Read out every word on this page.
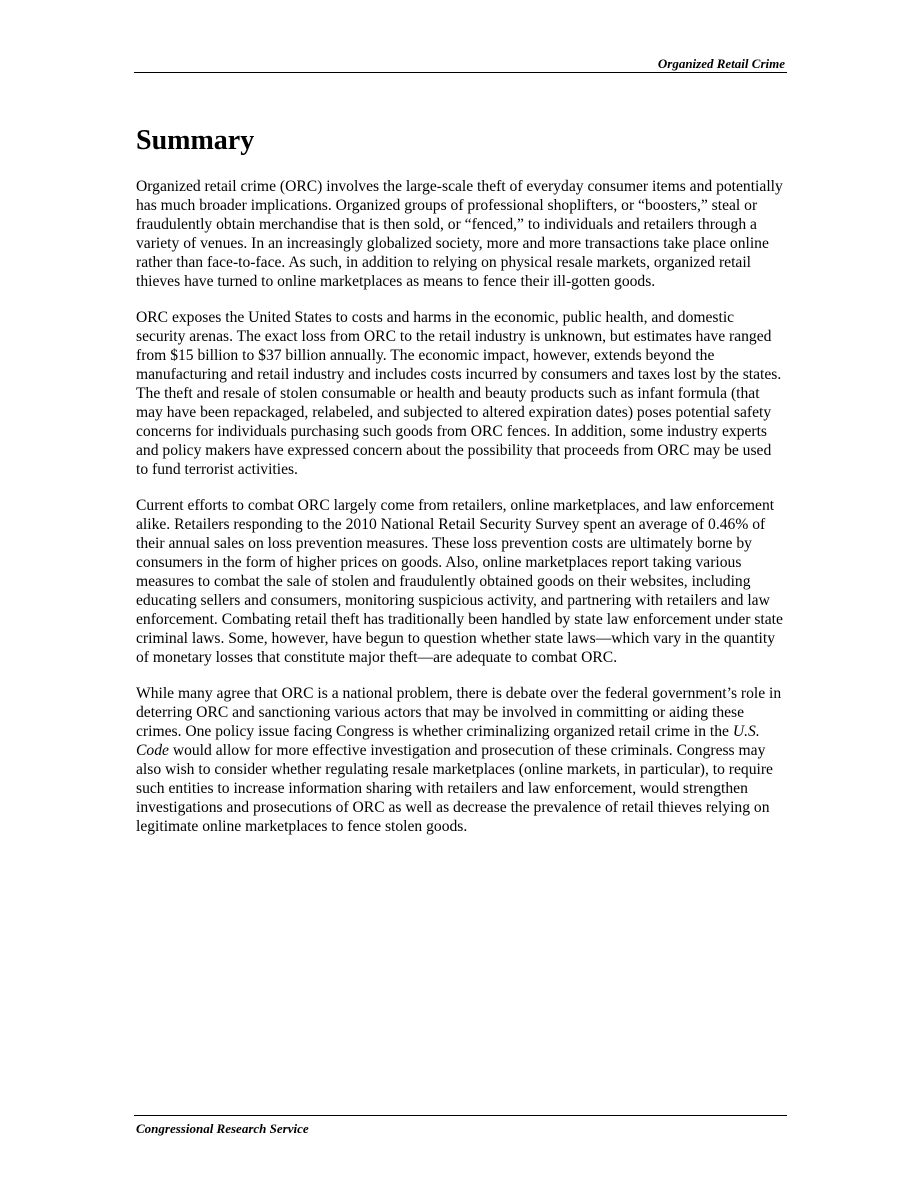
Organized Retail Crime
Summary

Organized retail crime (ORC) involves the large-scale theft of everyday consumer items and potentially has much broader implications. Organized groups of professional shoplifters, or “boosters,” steal or fraudulently obtain merchandise that is then sold, or “fenced,” to individuals and retailers through a variety of venues. In an increasingly globalized society, more and more transactions take place online rather than face-to-face. As such, in addition to relying on physical resale markets, organized retail thieves have turned to online marketplaces as means to fence their ill-gotten goods.

ORC exposes the United States to costs and harms in the economic, public health, and domestic security arenas. The exact loss from ORC to the retail industry is unknown, but estimates have ranged from $15 billion to $37 billion annually. The economic impact, however, extends beyond the manufacturing and retail industry and includes costs incurred by consumers and taxes lost by the states. The theft and resale of stolen consumable or health and beauty products such as infant formula (that may have been repackaged, relabeled, and subjected to altered expiration dates) poses potential safety concerns for individuals purchasing such goods from ORC fences. In addition, some industry experts and policy makers have expressed concern about the possibility that proceeds from ORC may be used to fund terrorist activities.

Current efforts to combat ORC largely come from retailers, online marketplaces, and law enforcement alike. Retailers responding to the 2010 National Retail Security Survey spent an average of 0.46% of their annual sales on loss prevention measures. These loss prevention costs are ultimately borne by consumers in the form of higher prices on goods. Also, online marketplaces report taking various measures to combat the sale of stolen and fraudulently obtained goods on their websites, including educating sellers and consumers, monitoring suspicious activity, and partnering with retailers and law enforcement. Combating retail theft has traditionally been handled by state law enforcement under state criminal laws. Some, however, have begun to question whether state laws—which vary in the quantity of monetary losses that constitute major theft—are adequate to combat ORC.

While many agree that ORC is a national problem, there is debate over the federal government’s role in deterring ORC and sanctioning various actors that may be involved in committing or aiding these crimes. One policy issue facing Congress is whether criminalizing organized retail crime in the U.S. Code would allow for more effective investigation and prosecution of these criminals. Congress may also wish to consider whether regulating resale marketplaces (online markets, in particular), to require such entities to increase information sharing with retailers and law enforcement, would strengthen investigations and prosecutions of ORC as well as decrease the prevalence of retail thieves relying on legitimate online marketplaces to fence stolen goods.

Congressional Research Service
